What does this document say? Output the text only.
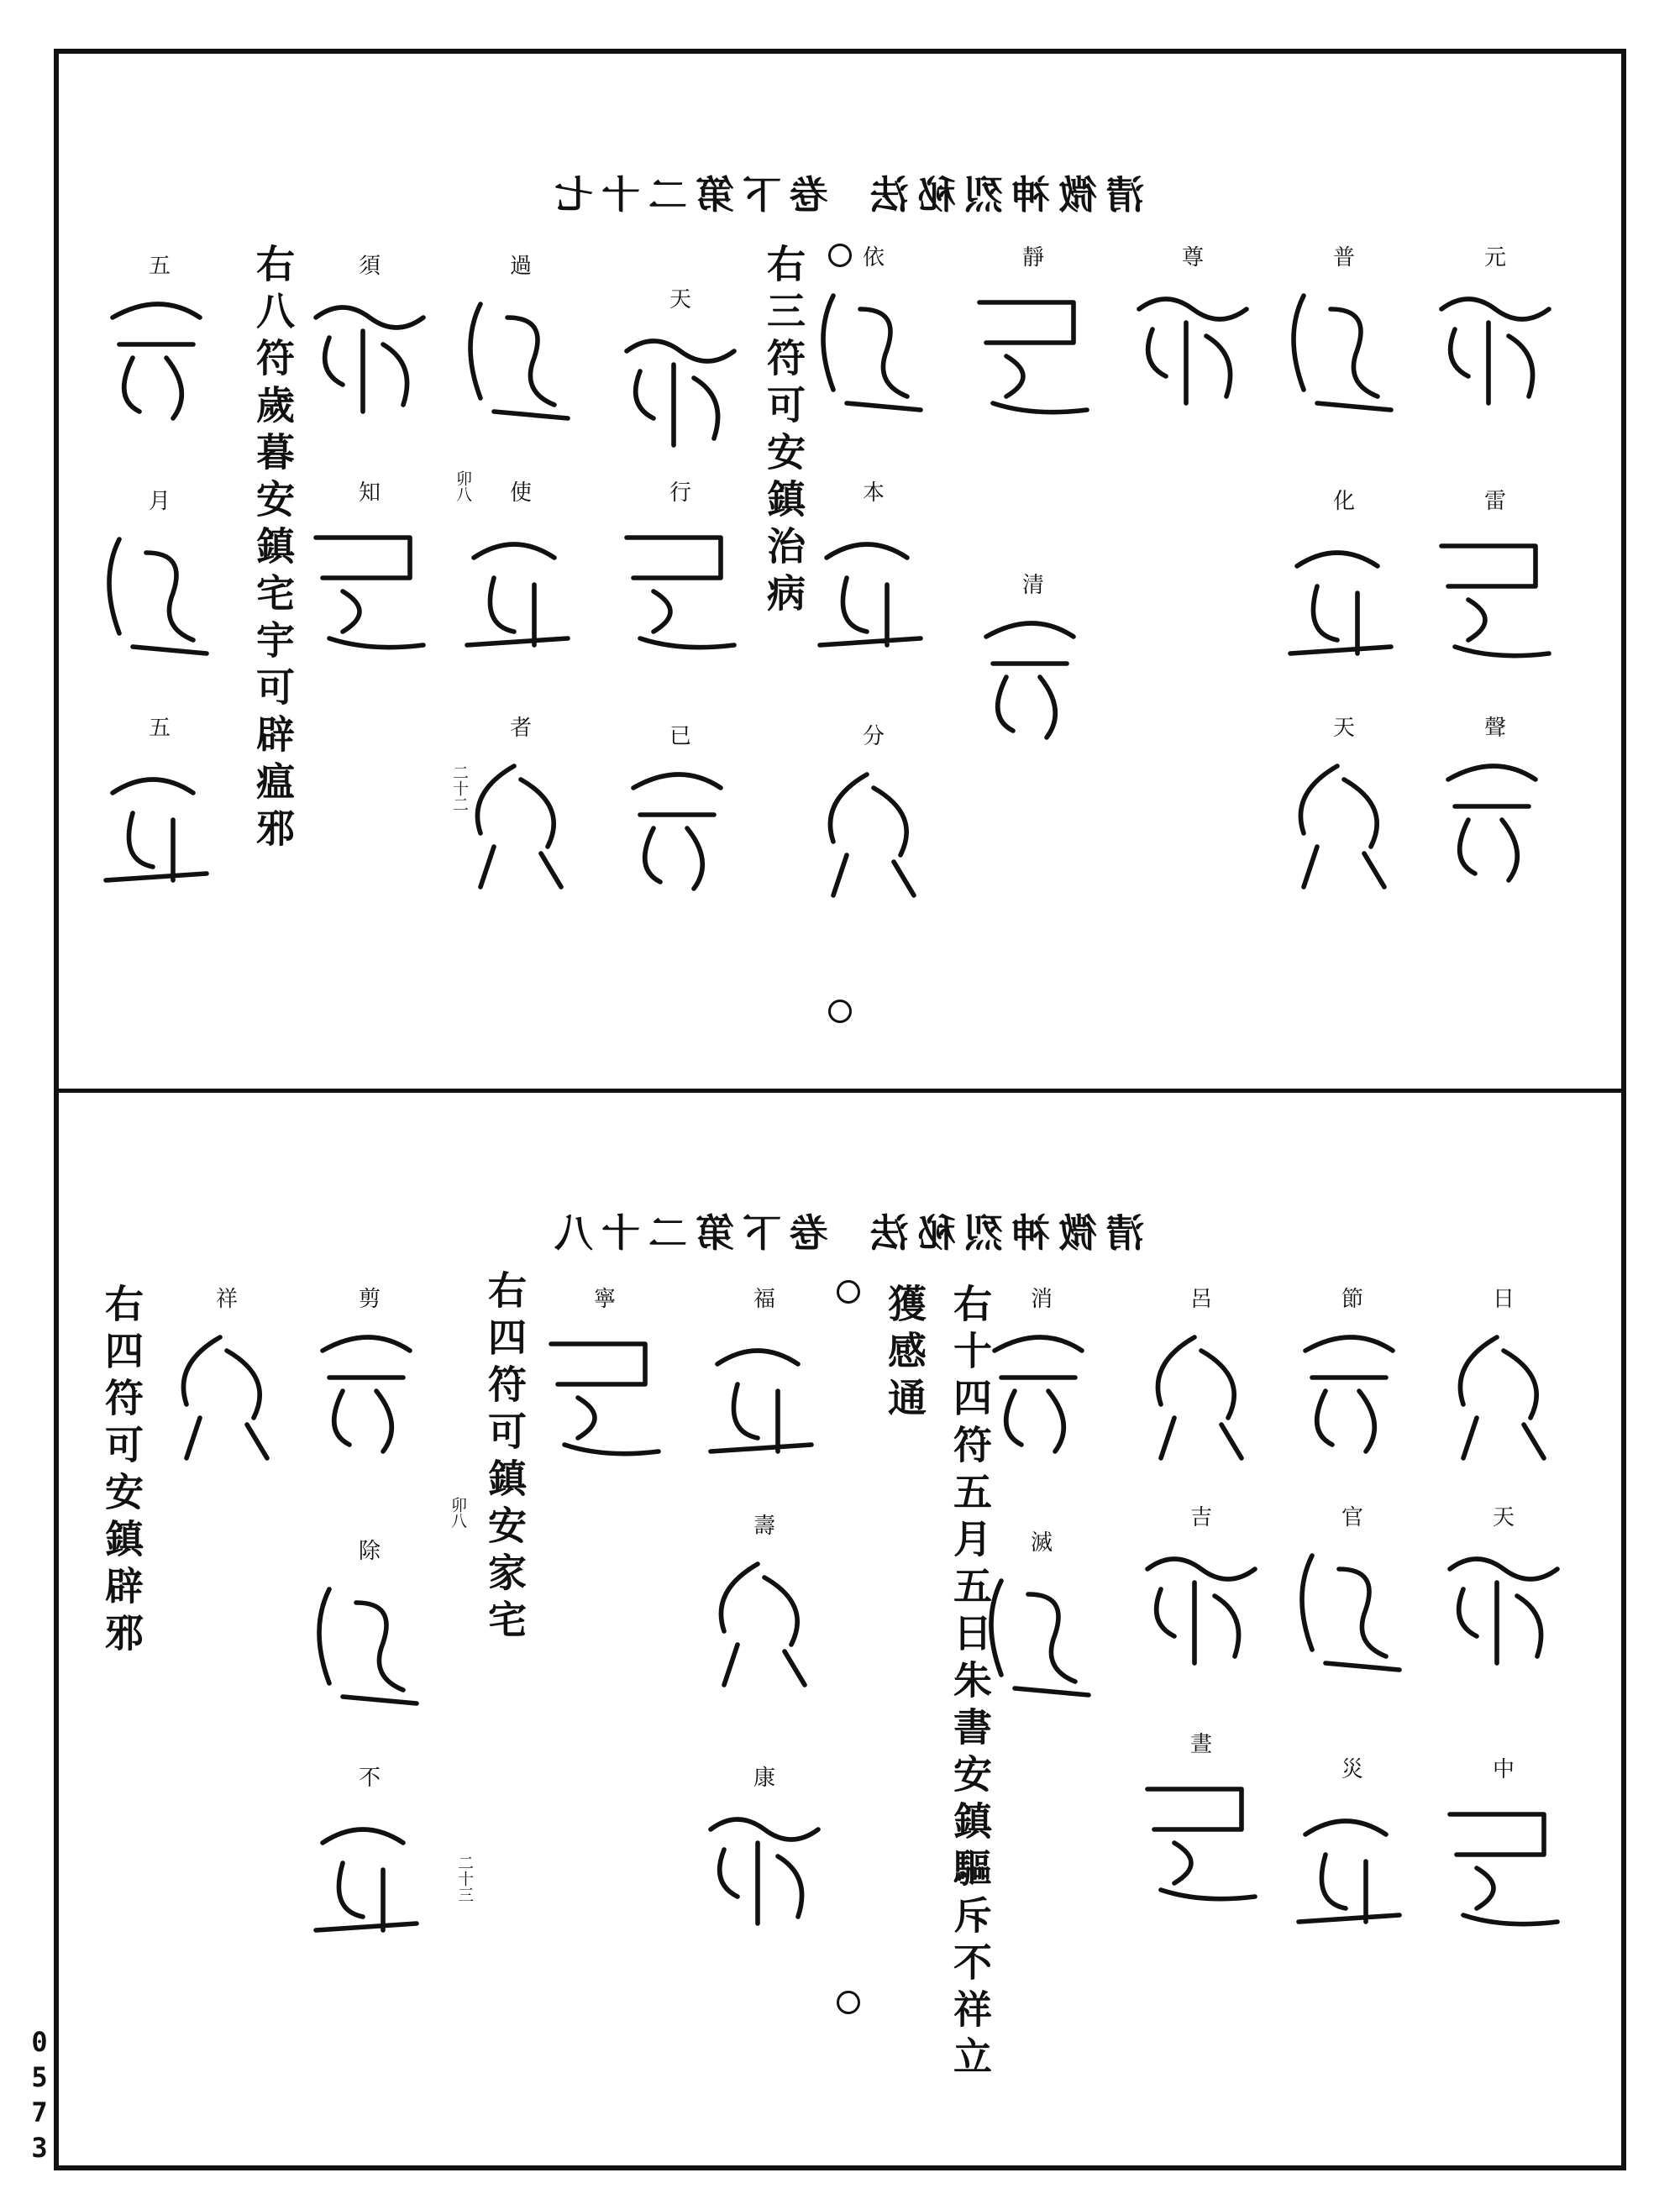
0573
卷下第二十七 清微神烈秘法
卷下第二十八 清微神烈秘法
右三符可安鎮治病
右八符歲暮安鎮宅宇可辟瘟邪
右十四符五月五日朱書安鎮驅斥不祥立
獲感通
右四符可鎮安家宅
右四符可安鎮辟邪
二十二
卯八
二十三
卯八
元
雷
聲
普
化
天
尊
靜
清
依
本
分
天
行
已
過
使
者
須
知
五
月
五
日
天
中
節
官
災
呂
吉
晝
消
滅
福
壽
康
寧
剪
除
不
祥
